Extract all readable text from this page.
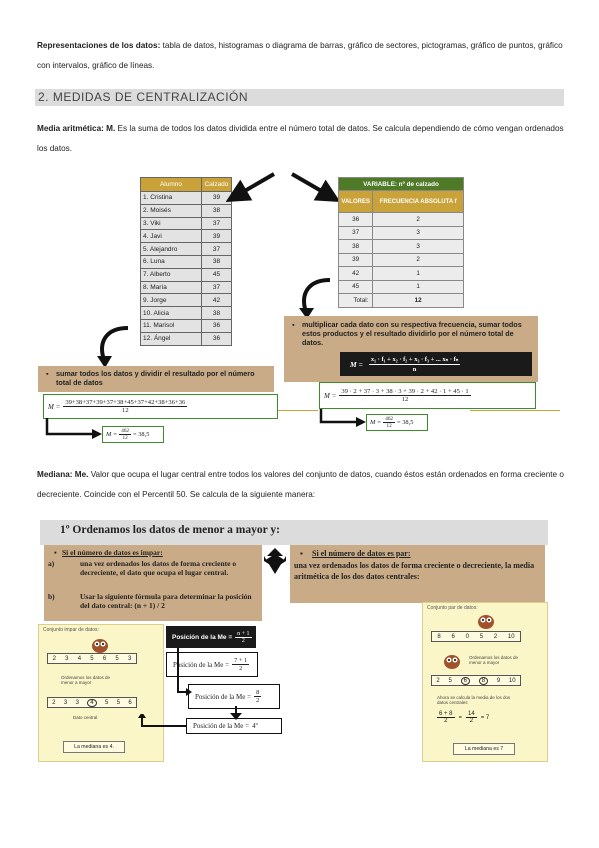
Representaciones de los datos: tabla de datos, histogramas o diagrama de barras, gráfico de sectores, pictogramas, gráfico de puntos, gráfico con intervalos, gráfico de líneas.

2. MEDIDAS DE CENTRALIZACIÓN

Media aritmética: M. Es la suma de todos los datos dividida entre el número total de datos. Se calcula dependiendo de cómo vengan ordenados los datos.

Alumno	Calzado
1. Cristina	39
2. Moisés	38
3. Viki	37
4. Javi	39
5. Alejandro	37
6. Luna	38
7. Alberto	45
8. María	37
9. Jorge	42
10. Alicia	38
11. Marisol	36
12. Ángel	36
VARIABLE: nº de calzado	
VALORES	FRECUENCIA ABSOLUTA f
36	2
37	3
38	3
39	2
42	1
45	1
Total:	12
▪ sumar todos los datos y dividir el resultado por el número total de datos
▪ multiplicar cada dato con su respectiva frecuencia, sumar todos estos productos y el resultado dividirlo por el número total de datos.
$M = \frac{\text{x₁ · f₁ + x₂ · f₂ + x₃ · f₃ + ... xₙ · fₙ}}{n}$
$M = \frac{39+38+37+39+37+38+45+37+42+38+36+36}{12}$
$M = \frac{39 \cdot 2 + 37 \cdot 3 + 38 \cdot 3 + 39 \cdot 2 + 42 \cdot 1 + 45 \cdot 1}{12}$
$M = \frac{462}{12} = 38,5$
$M = \frac{462}{12} = 38,5$

Mediana: Me. Valor que ocupa el lugar central entre todos los valores del conjunto de datos, cuando éstos están ordenados en forma creciente o decreciente. Coincide con el Percentil 50. Se calcula de la siguiente manera:

1º Ordenamos los datos de menor a mayor y:
Si el número de datos es impar:
▪
a)	una vez ordenados los datos de forma creciente o decreciente, el dato que ocupa el lugar central.
b)	Usar la siguiente fórmula para determinar la posición del dato central: (n + 1) / 2
▪ Si el número de datos es par:
una vez ordenados los datos de forma creciente o decreciente, la media aritmética de los dos datos centrales:
Conjunto impar de datos:
2 3 4 5 6 5 3
Ordenamos los datos de menor a mayor
2 3 3	4	5 5 6
Dato central
La mediana es 4.
Posición de la $Me = \frac{n + 1}{2}$
Posición de la $Me = \frac{7 + 1}{2}$
Posición de la $Me = \frac{8}{2}$
Posición de la Me = 4º
Conjunto par de datos:
8 6 0 5 2 10
Ordenamos los datos de menor a mayor
2 5	6	8	9 10
Ahora se calcula la media de los dos datos centrales
$\frac{6 + 8}{2} = \frac{14}{2} = 7$
La mediana es 7
